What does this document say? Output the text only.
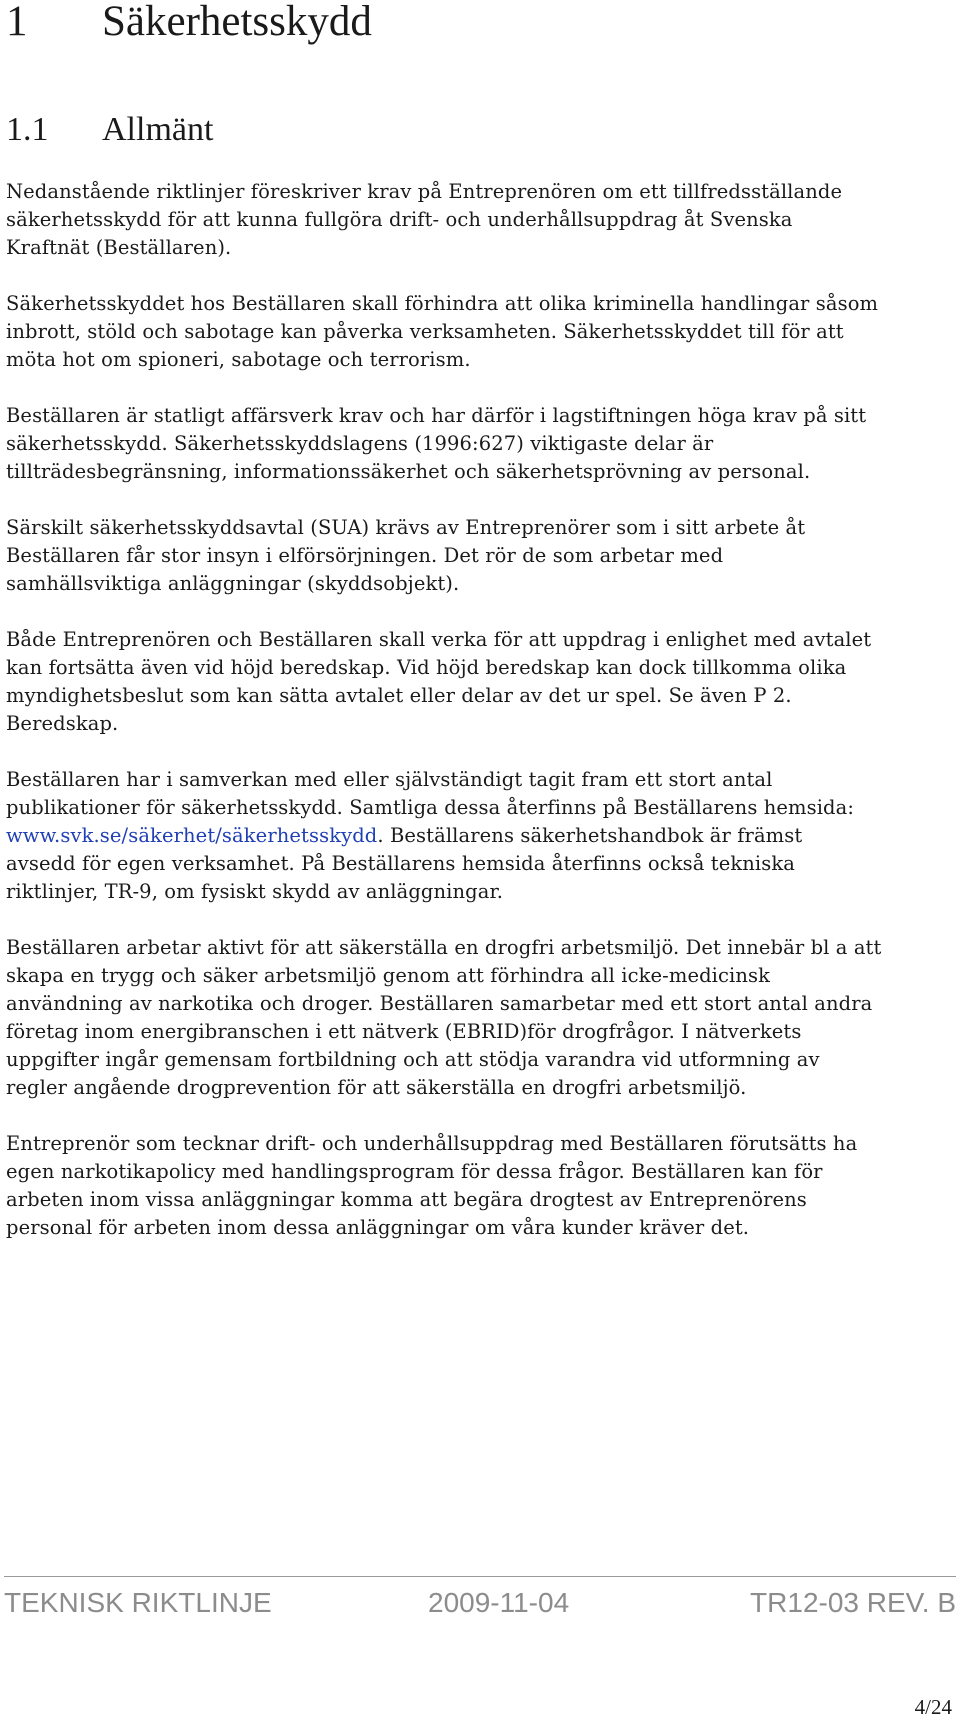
1 Säkerhetsskydd
1.1 Allmänt

Nedanstående riktlinjer föreskriver krav på Entreprenören om ett tillfredsställande
säkerhetsskydd för att kunna fullgöra drift- och underhållsuppdrag åt Svenska
Kraftnät (Beställaren).

Säkerhetsskyddet hos Beställaren skall förhindra att olika kriminella handlingar såsom
inbrott, stöld och sabotage kan påverka verksamheten. Säkerhetsskyddet till för att
möta hot om spioneri, sabotage och terrorism.

Beställaren är statligt affärsverk krav och har därför i lagstiftningen höga krav på sitt
säkerhetsskydd. Säkerhetsskyddslagens (1996:627) viktigaste delar är
tillträdesbegränsning, informationssäkerhet och säkerhetsprövning av personal.

Särskilt säkerhetsskyddsavtal (SUA) krävs av Entreprenörer som i sitt arbete åt
Beställaren får stor insyn i elförsörjningen. Det rör de som arbetar med
samhällsviktiga anläggningar (skyddsobjekt).

Både Entreprenören och Beställaren skall verka för att uppdrag i enlighet med avtalet
kan fortsätta även vid höjd beredskap. Vid höjd beredskap kan dock tillkomma olika
myndighetsbeslut som kan sätta avtalet eller delar av det ur spel. Se även P 2.
Beredskap.

Beställaren har i samverkan med eller självständigt tagit fram ett stort antal
publikationer för säkerhetsskydd. Samtliga dessa återfinns på Beställarens hemsida:
www.svk.se/säkerhet/säkerhetsskydd. Beställarens säkerhetshandbok är främst
avsedd för egen verksamhet. På Beställarens hemsida återfinns också tekniska
riktlinjer, TR-9, om fysiskt skydd av anläggningar.

Beställaren arbetar aktivt för att säkerställa en drogfri arbetsmiljö. Det innebär bl a att
skapa en trygg och säker arbetsmiljö genom att förhindra all icke-medicinsk
användning av narkotika och droger. Beställaren samarbetar med ett stort antal andra
företag inom energibranschen i ett nätverk (EBRID)för drogfrågor. I nätverkets
uppgifter ingår gemensam fortbildning och att stödja varandra vid utformning av
regler angående drogprevention för att säkerställa en drogfri arbetsmiljö.

Entreprenör som tecknar drift- och underhållsuppdrag med Beställaren förutsätts ha
egen narkotikapolicy med handlingsprogram för dessa frågor. Beställaren kan för
arbeten inom vissa anläggningar komma att begära drogtest av Entreprenörens
personal för arbeten inom dessa anläggningar om våra kunder kräver det.

TEKNISK RIKTLINJE	2009-11-04	TR12-03 REV. B
4/24
